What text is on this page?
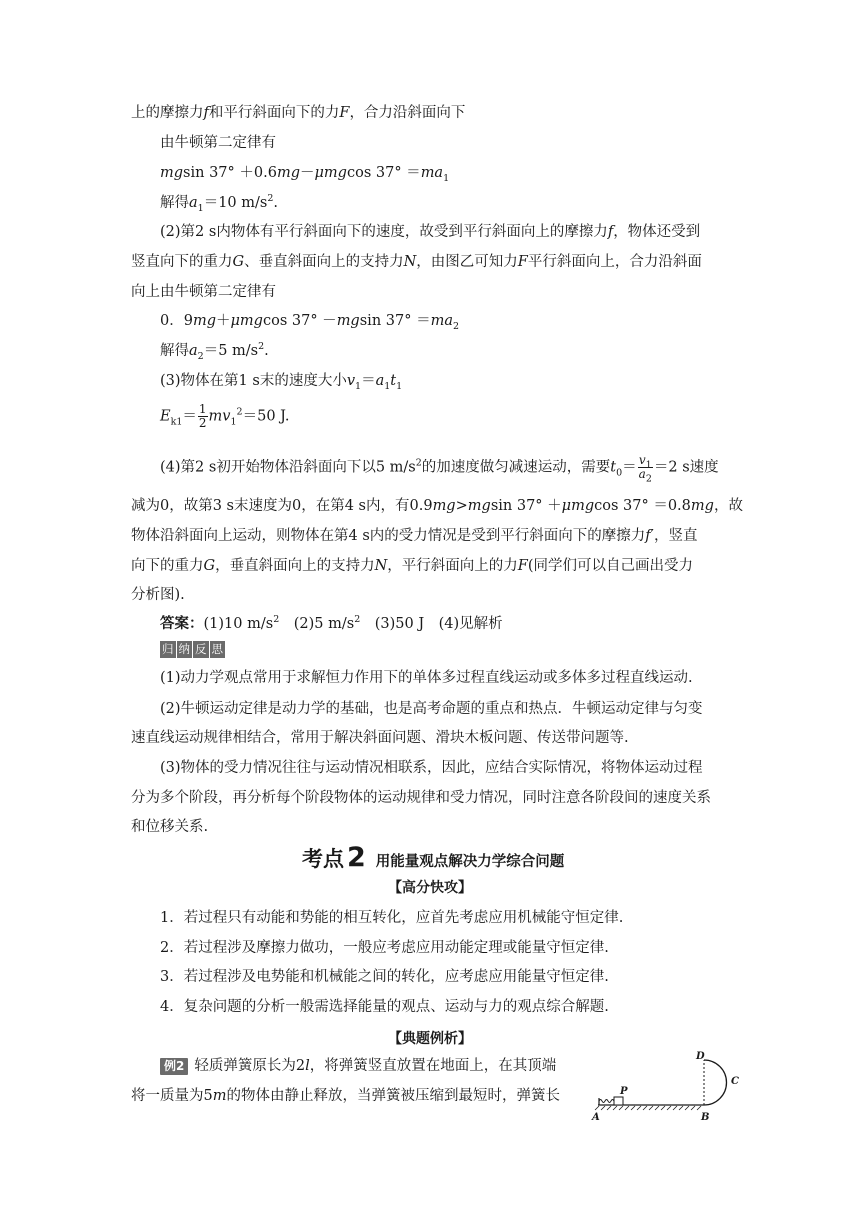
上的摩擦力f和平行斜面向下的力F，合力沿斜面向下
由牛顿第二定律有
mgsin 37° ＋0.6mg－μmgcos $37^\circ =ma_1$
解得$a_1=10$ $m/s^2$.
(2)第2 s内物体有平行斜面向下的速度，故受到平行斜面向上的摩擦力f，物体还受到
竖直向下的重力G、垂直斜面向上的支持力N，由图乙可知力F平行斜面向上，合力沿斜面
向上由牛顿第二定律有
0．9mg＋μmgcos 37° －mgsin $37^\circ =ma_2$
解得$a_2=5$ $m/s^2$.
(3)物体在第1 s末的速度大小$v_1=a_1t_1$
$E_{k1}= \frac{1}{2} mv_1^2=50$ J.
(4)第2 s初开始物体沿斜面向下以5 $m/s^2$的加速度做匀减速运动，需要$t_0= \frac{v_1}{a_2} =2$ s速度
减为0，故第3 s末速度为0，在第4 s内，有0.9mg>mgsin 37° ＋μmgcos 37° ＝0.8mg，故
物体沿斜面向上运动，则物体在第4 s内的受力情况是受到平行斜面向下的摩擦力f′，竖直
向下的重力G，垂直斜面向上的支持力N，平行斜面向上的力F(同学们可以自己画出受力
分析图).
答案：(1)10 $m/s^2$　(2)5 $m/s^2$　(3)50 J　(4)见解析
归 纳 反 思
(1)动力学观点常用于求解恒力作用下的单体多过程直线运动或多体多过程直线运动.
(2)牛顿运动定律是动力学的基础，也是高考命题的重点和热点．牛顿运动定律与匀变
速直线运动规律相结合，常用于解决斜面问题、滑块木板问题、传送带问题等.
(3)物体的受力情况往往与运动情况相联系，因此，应结合实际情况，将物体运动过程
分为多个阶段，再分析每个阶段物体的运动规律和受力情况，同时注意各阶段间的速度关系
和位移关系.
考点 2 用能量观点解决力学综合问题
【高分快攻】
1．若过程只有动能和势能的相互转化，应首先考虑应用机械能守恒定律.
2．若过程涉及摩擦力做功，一般应考虑应用动能定理或能量守恒定律.
3．若过程涉及电势能和机械能之间的转化，应考虑应用能量守恒定律.
4．复杂问题的分析一般需选择能量的观点、运动与力的观点综合解题.
【典题例析】
例2 轻质弹簧原长为2l，将弹簧竖直放置在地面上，在其顶端
将一质量为5m的物体由静止释放，当弹簧被压缩到最短时，弹簧长
A
P
B
C
D
